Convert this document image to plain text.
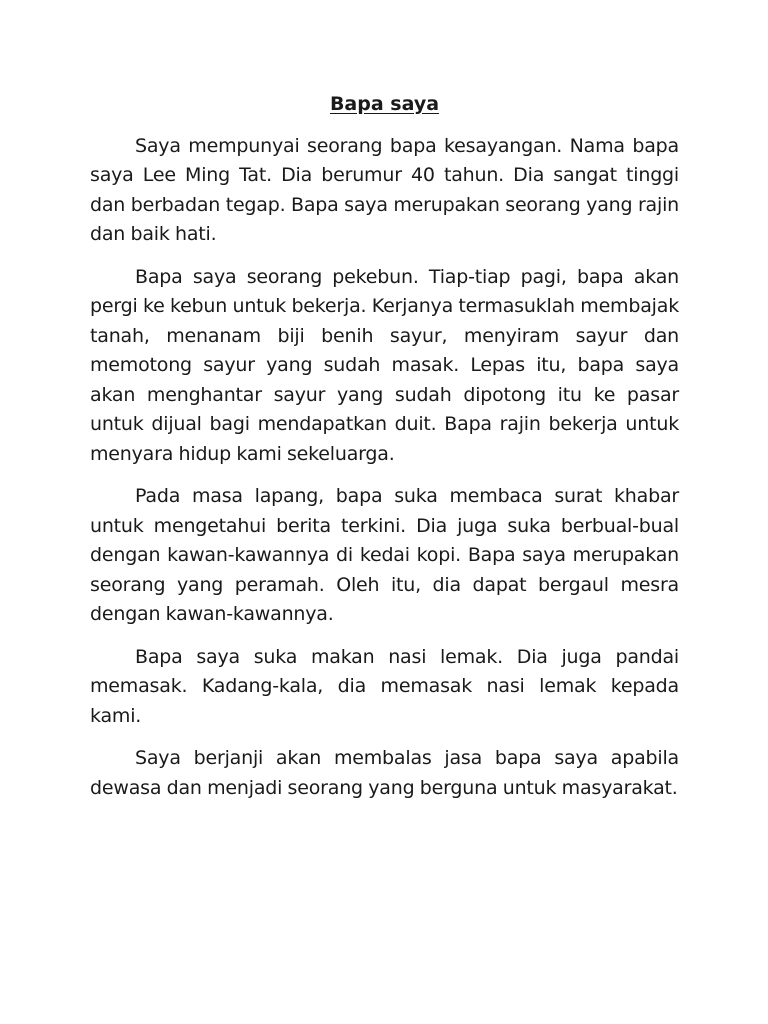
Bapa saya

Saya mempunyai seorang bapa kesayangan. Nama bapa saya Lee Ming Tat. Dia berumur 40 tahun. Dia sangat tinggi dan berbadan tegap. Bapa saya merupakan seorang yang rajin dan baik hati.

Bapa saya seorang pekebun. Tiap-tiap pagi, bapa akan pergi ke kebun untuk bekerja. Kerjanya termasuklah membajak tanah, menanam biji benih sayur, menyiram sayur dan memotong sayur yang sudah masak. Lepas itu, bapa saya akan menghantar sayur yang sudah dipotong itu ke pasar untuk dijual bagi mendapatkan duit. Bapa rajin bekerja untuk menyara hidup kami sekeluarga.

Pada masa lapang, bapa suka membaca surat khabar untuk mengetahui berita terkini. Dia juga suka berbual-bual dengan kawan-kawannya di kedai kopi. Bapa saya merupakan seorang yang peramah. Oleh itu, dia dapat bergaul mesra dengan kawan-kawannya.

Bapa saya suka makan nasi lemak. Dia juga pandai memasak. Kadang-kala, dia memasak nasi lemak kepada kami.

Saya berjanji akan membalas jasa bapa saya apabila dewasa dan menjadi seorang yang berguna untuk masyarakat.
